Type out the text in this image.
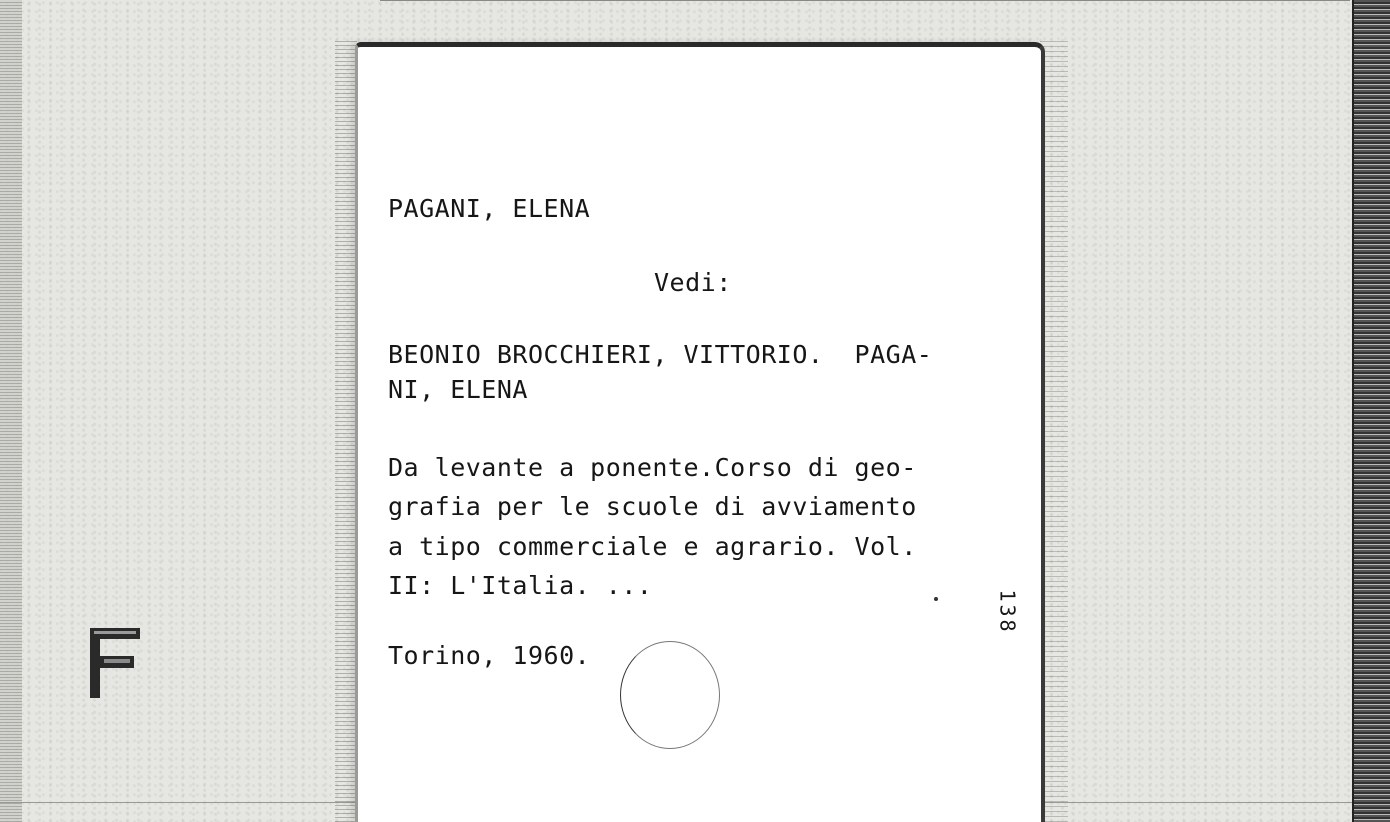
PAGANI, ELENA
Vedi:
BEONIO BROCCHIERI, VITTORIO.  PAGA-
NI, ELENA
Da levante a ponente.Corso di geo-
grafia per le scuole di avviamento
a tipo commerciale e agrario. Vol.
II: L'Italia. ...
Torino, 1960.
138
